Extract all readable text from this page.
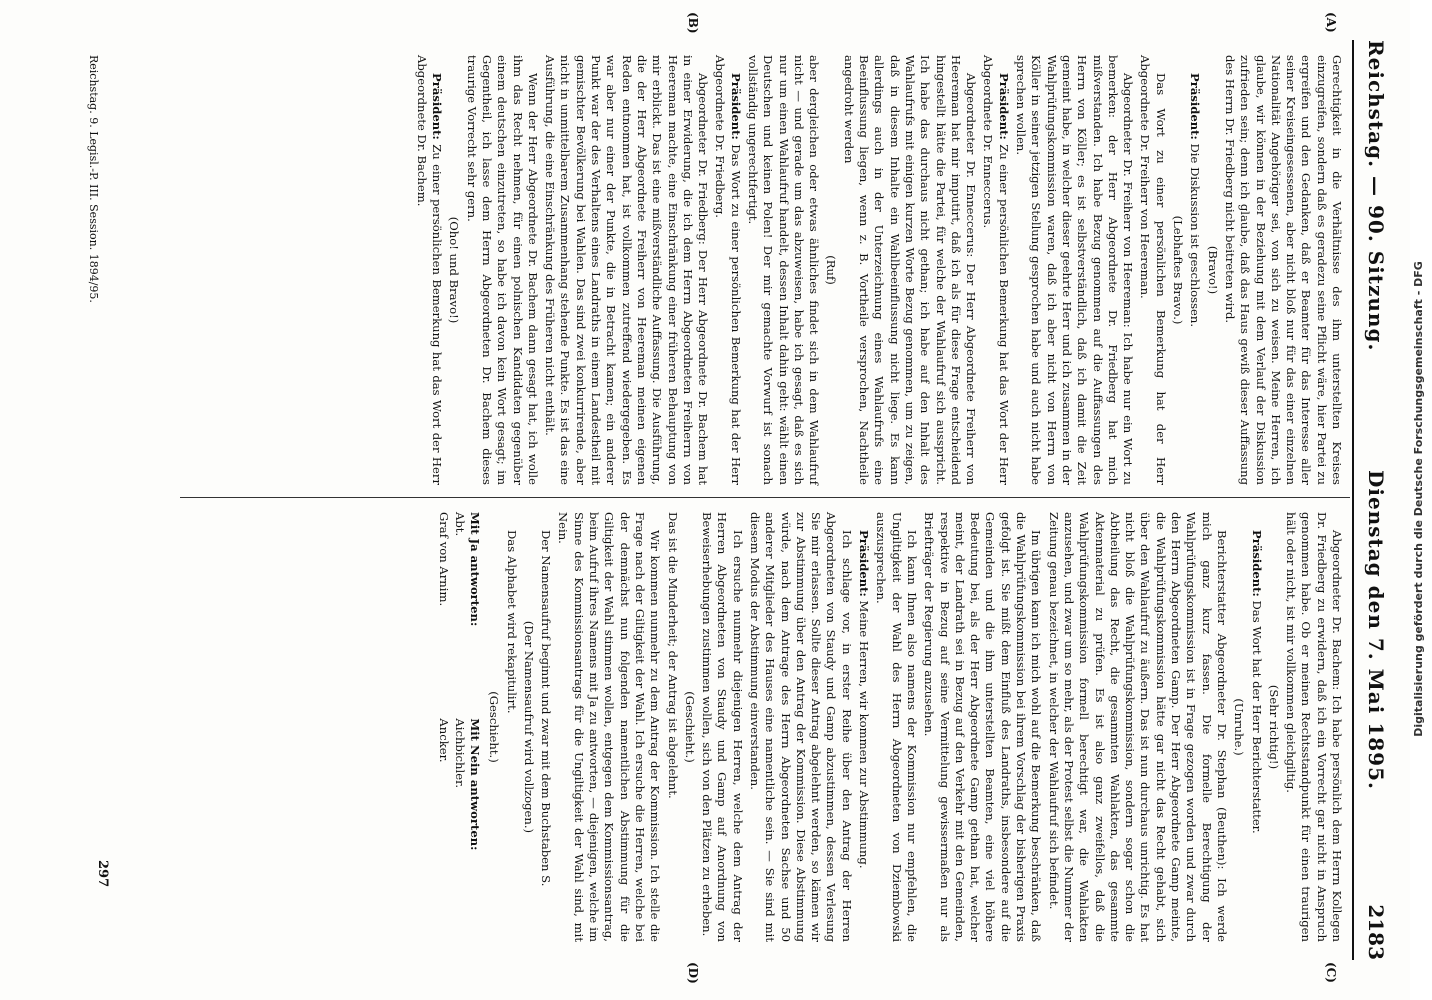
Reichstag. — 90. Sitzung.
Dienstag den 7. Mai 1895.
2183
(A)
(B)
(C)
(D)

Gerechtigkeit in die Verhältnisse des ihm unterstellten Kreises einzugreifen, sondern daß es geradezu seine Pflicht wäre, hier Partei zu ergreifen und den Gedanken, daß er Beamter für das Interesse aller seiner Kreiseingesessenen, aber nicht bloß nur für das einer einzelnen Nationalität Angehöriger sei, von sich zu weisen. Meine Herren, ich glaube, wir können in der Beziehung mit dem Verlauf der Diskussion zufrieden sein; denn ich glaube, daß das Haus gewiß dieser Auffassung des Herrn Dr. Friedberg nicht beitreten wird.

(Bravo!)

Präsident: Die Diskussion ist geschlossen.

(Lebhaftes Bravo.)

Das Wort zu einer persönlichen Bemerkung hat der Herr Abgeordnete Dr. Freiherr von Heereman.

Abgeordneter Dr. Freiherr von Heereman: Ich habe nur ein Wort zu bemerken: der Herr Abgeordnete Dr. Friedberg hat mich mißverstanden. Ich habe Bezug genommen auf die Auffassungen des Herrn von Köller; es ist selbstverständlich, daß ich damit die Zeit gemeint habe, in welcher dieser geehrte Herr und ich zusammen in der Wahlprüfungskommission waren, daß ich aber nicht von Herrn von Köller in seiner jetzigen Stellung gesprochen habe und auch nicht habe sprechen wollen.

Präsident: Zu einer persönlichen Bemerkung hat das Wort der Herr Abgeordnete Dr. Enneccerus.

Abgeordneter Dr. Enneccerus: Der Herr Abgeordnete Freiherr von Heereman hat mir imputirt, daß ich als für diese Frage entscheidend hingestellt hätte die Partei, für welche der Wahlaufruf sich ausspricht. Ich habe das durchaus nicht gethan; ich habe auf den Inhalt des Wahlaufrufs mit einigen kurzen Worte Bezug genommen, um zu zeigen, daß in diesem Inhalte ein Wahlbeeinflussung nicht liege. Es kann allerdings auch in der Unterzeichnung eines Wahlaufrufs eine Beeinflussung liegen, wenn z. B. Vortheile versprochen, Nachtheile angedroht werden

(Ruf)

aber dergleichen oder etwas ähnliches findet sich in dem Wahlaufruf nicht — und gerade um das abzuweisen, habe ich gesagt, daß es sich nur um einen Wahlaufruf handelt, dessen Inhalt dahin geht: wählt einen Deutschen und keinen Polen! Der mir gemachte Vorwurf ist sonach vollständig ungerechtfertigt.

Präsident: Das Wort zu einer persönlichen Bemerkung hat der Herr Abgeordnete Dr. Friedberg.

Abgeordneter Dr. Friedberg: Der Herr Abgeordnete Dr. Bachem hat in einer Erwiderung, die ich dem Herrn Abgeordneten Freiherrn von Heereman machte, eine Einschränkung einer früheren Behauptung von mir erblickt. Das ist eine mißverständliche Auffassung. Die Ausführung, die der Herr Abgeordnete Freiherr von Heereman meinen eigenen Reden entnommen hat, ist vollkommen zutreffend wiedergegeben. Es war aber nur einer der Punkte, die in Betracht kamen; ein anderer Punkt war der des Verhaltens eines Landraths in einem Landestheil mit gemischter Bevölkerung bei Wahlen. Das sind zwei konkurrirende, aber nicht in unmittelbarem Zusammenhang stehende Punkte. Es ist das eine Ausführung, die eine Einschränkung des Früheren nicht enthält.

Wenn der Herr Abgeordnete Dr. Bachem dann gesagt hat, ich wolle ihm das Recht nehmen, für einen polnischen Kandidaten gegenüber einem deutschen einzutreten, so habe ich davon kein Wort gesagt; im Gegentheil, ich lasse dem Herrn Abgeordneten Dr. Bachem dieses traurige Vorrecht sehr gern.

(Oho! und Bravo!)

Präsident: Zu einer persönlichen Bemerkung hat das Wort der Herr Abgeordnete Dr. Bachem.

Abgeordneter Dr. Bachem: Ich habe persönlich dem Herrn Kollegen Dr. Friedberg zu erwidern, daß ich ein Vorrecht gar nicht in Anspruch genommen habe. Ob er meinen Rechtsstandpunkt für einen traurigen hält oder nicht, ist mir vollkommen gleichgiltig.

(Sehr richtig!)

Präsident: Das Wort hat der Herr Berichterstatter.

(Unruhe.)

Berichterstatter Abgeordneter Dr. Stephan (Beuthen): Ich werde mich ganz kurz fassen. Die formelle Berechtigung der Wahlprüfungskommission ist in Frage gezogen worden und zwar durch den Herrn Abgeordneten Gamp. Der Herr Abgeordnete Gamp meinte, die Wahlprüfungskommission hätte gar nicht das Recht gehabt, sich über den Wahlaufruf zu äußern. Das ist nun durchaus unrichtig. Es hat nicht bloß die Wahlprüfungskommission, sondern sogar schon die Abtheilung das Recht, die gesammten Wahlakten, das gesammte Aktenmaterial zu prüfen. Es ist also ganz zweifellos, daß die Wahlprüfungskommission formell berechtigt war, die Wahlakten anzusehen, und zwar um so mehr, als der Protest selbst die Nummer der Zeitung genau bezeichnet, in welcher der Wahlaufruf sich befindet.

Im übrigen kann ich mich wohl auf die Bemerkung beschränken, daß die Wahlprüfungskommission bei ihrem Vorschlag der bisherigen Praxis gefolgt ist. Sie mißt dem Einfluß des Landraths, insbesondere auf die Gemeinden und die ihm unterstellten Beamten, eine viel höhere Bedeutung bei, als der Herr Abgeordnete Gamp gethan hat, welcher meint, der Landrath sei in Bezug auf den Verkehr mit den Gemeinden, respektive in Bezug auf seine Vermittelung gewissermaßen nur als Briefträger der Regierung anzusehen.

Ich kann Ihnen also namens der Kommission nur empfehlen, die Ungiltigkeit der Wahl des Herrn Abgeordneten von Dziembowski auszusprechen.

Präsident: Meine Herren, wir kommen zur Abstimmung.

Ich schlage vor, in erster Reihe über den Antrag der Herren Abgeordneten von Staudy und Gamp abzustimmen, dessen Verlesung Sie mir erlassen. Sollte dieser Antrag abgelehnt werden, so kämen wir zur Abstimmung über den Antrag der Kommission. Diese Abstimmung würde, nach dem Antrage des Herrn Abgeordneten Sachse und 50 anderer Mitglieder des Hauses eine namentliche sein. — Sie sind mit diesem Modus der Abstimmung einverstanden.

Ich ersuche nunmehr diejenigen Herren, welche dem Antrag der Herren Abgeordneten von Staudy und Gamp auf Anordnung von Beweiserhebungen zustimmen wollen, sich von den Plätzen zu erheben.

(Geschieht.)

Das ist die Minderheit; der Antrag ist abgelehnt.

Wir kommen nunmehr zu dem Antrag der Kommission. Ich stelle die Frage nach der Giltigkeit der Wahl. Ich ersuche die Herren, welche bei der demnächst nun folgenden namentlichen Abstimmung für die Giltigkeit der Wahl stimmen wollen, entgegen dem Kommissionsantrag, beim Aufruf ihres Namens mit Ja zu antworten, — diejenigen, welche im Sinne des Kommissionsantrags für die Ungiltigkeit der Wahl sind, mit Nein.

Der Namensaufruf beginnt und zwar mit dem Buchstaben S.

(Der Namensaufruf wird vollzogen.)

Das Alphabet wird rekapitulirt.

(Geschieht.)

Mit Ja antworten:
Abt.
Graf von Arnim.
Mit Nein antworten:
Aichbichler.
Ancker.
Reichstag. 9. Legisl.-P. III. Session. 1894/95.
297
Digitalisierung gefördert durch die Deutsche Forschungsgemeinschaft - DFG
